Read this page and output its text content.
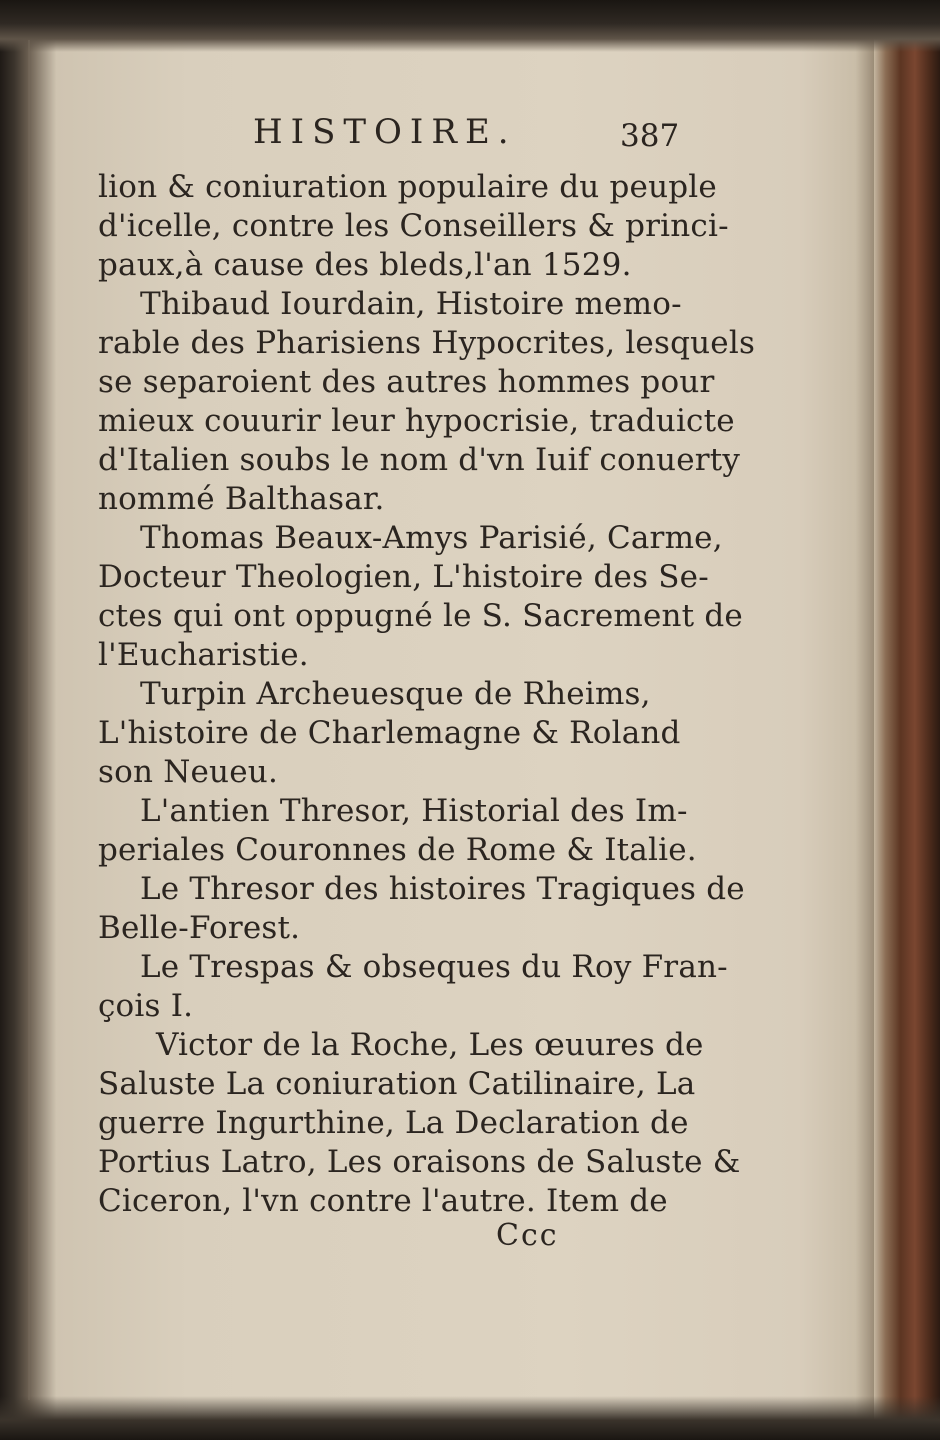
HISTOIRE.	387
lion & coniuration populaire du peuple
d'icelle, contre les Conseillers & princi-
paux,à cause des bleds,l'an 1529.
Thibaud Iourdain, Histoire memo-
rable des Pharisiens Hypocrites, lesquels
se separoient des autres hommes pour
mieux couurir leur hypocrisie, traduicte
d'Italien soubs le nom d'vn Iuif conuerty
nommé Balthasar.
Thomas Beaux-Amys Parisié, Carme,
Docteur Theologien, L'histoire des Se-
ctes qui ont oppugné le S. Sacrement de
l'Eucharistie.
Turpin Archeuesque de Rheims,
L'histoire de Charlemagne & Roland
son Neueu.
L'antien Thresor, Historial des Im-
periales Couronnes de Rome & Italie.
Le Thresor des histoires Tragiques de
Belle-Forest.
Le Trespas & obseques du Roy Fran-
çois I.
Victor de la Roche, Les œuures de
Saluste La coniuration Catilinaire, La
guerre Ingurthine, La Declaration de
Portius Latro, Les oraisons de Saluste &
Ciceron, l'vn contre l'autre. Item de
Ccc
